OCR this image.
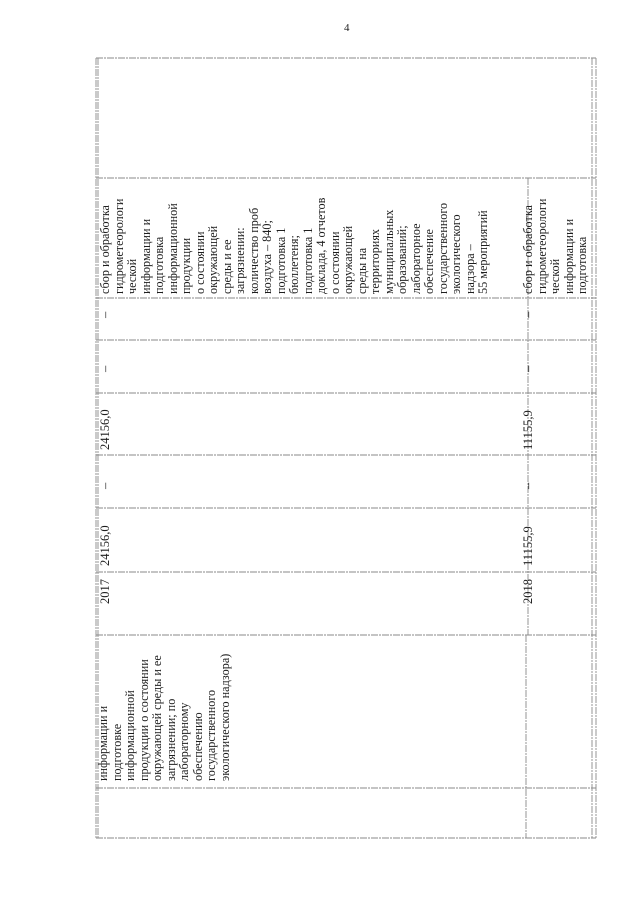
4
информации и
подготовке
информационной
продукции о состоянии
окружающей среды и ее
загрязнении; по
лабораторному
обеспечению
государственного
экологического надзора)
2017
24156,0
–
24156,0
–
–
сбор и обработка
гидрометеорологи
ческой
информации и
подготовка
информационной
продукции
о состоянии
окружающей
среды и ее
загрязнении:
количество проб
воздуха – 840;
подготовка 1
бюллетеня;
подготовка 1
доклада, 4 отчетов
о состоянии
окружающей
среды на
территориях
муниципальных
образований;
лабораторное
обеспечение
государственного
экологического
надзора –
55 мероприятий
2018
11155,9
–
11155,9
–
–
сбор и обработка
гидрометеорологи
ческой
информации и
подготовка
